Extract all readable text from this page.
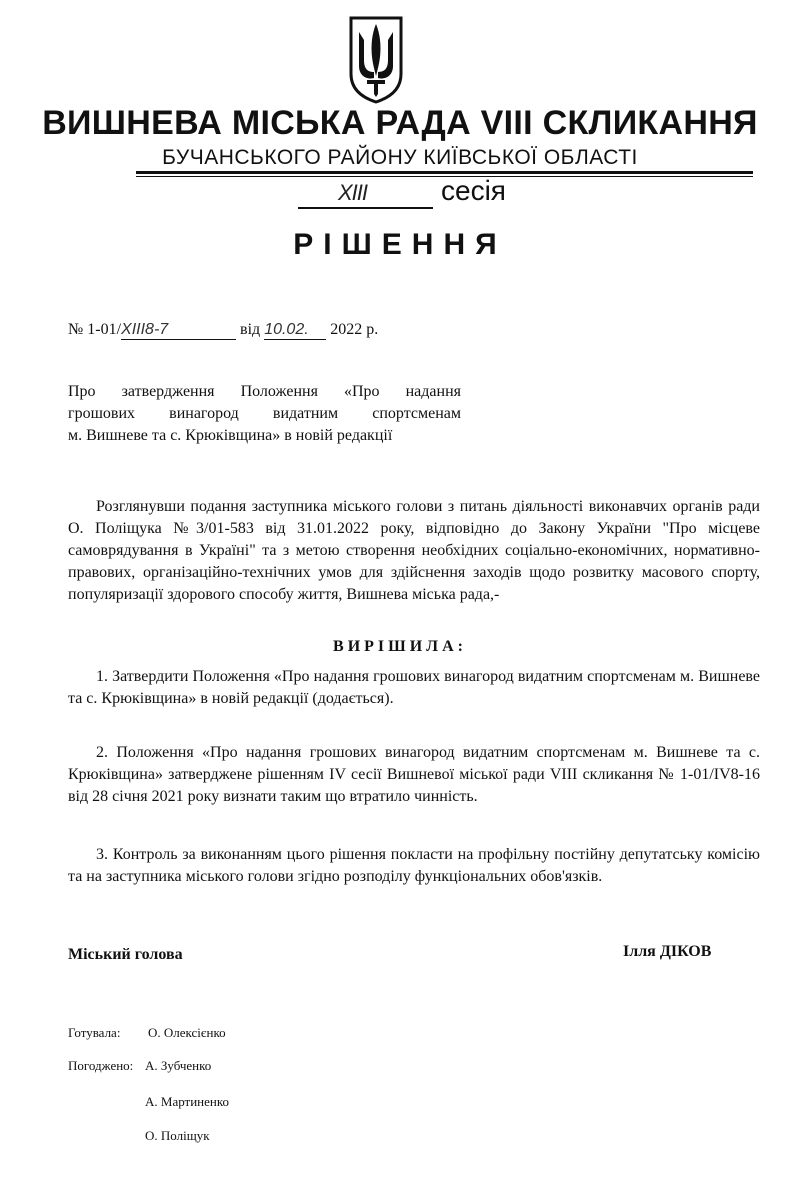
ВИШНЕВА МІСЬКА РАДА VIII СКЛИКАННЯ
БУЧАНСЬКОГО РАЙОНУ КИЇВСЬКОЇ ОБЛАСТІ
XIII	сесія
РІШЕННЯ
№ 1-01/XIII8-7	від 10.02. 2022 р.
Про затвердження Положення «Про надання
грошових винагород видатним спортсменам
м. Вишневе та с. Крюківщина» в новій редакції
Розглянувши подання заступника міського голови з питань діяльності виконавчих органів ради О. Поліщука №3/01-583 від 31.01.2022 року, відповідно до Закону України "Про місцеве самоврядування в Україні" та з метою створення необхідних соціально-економічних, нормативно-правових, організаційно-технічних умов для здійснення заходів щодо розвитку масового спорту, популяризації здорового способу життя, Вишнева міська рада,-
ВИРІШИЛА:
1. Затвердити Положення «Про надання грошових винагород видатним спортсменам м. Вишневе та с. Крюківщина» в новій редакції (додається).
2. Положення «Про надання грошових винагород видатним спортсменам м. Вишневе та с. Крюківщина» затверджене рішенням IV сесії Вишневої міської ради VIII скликання № 1-01/IV8-16 від 28 січня 2021 року визнати таким що втратило чинність.
3. Контроль за виконанням цього рішення покласти на профільну постійну депутатську комісію та на заступника міського голови згідно розподілу функціональних обов'язків.
Міський голова	Ілля ДІКОВ
Готувала: О. Олексієнко
Погоджено: А. Зубченко
А. Мартиненко
О. Поліщук
